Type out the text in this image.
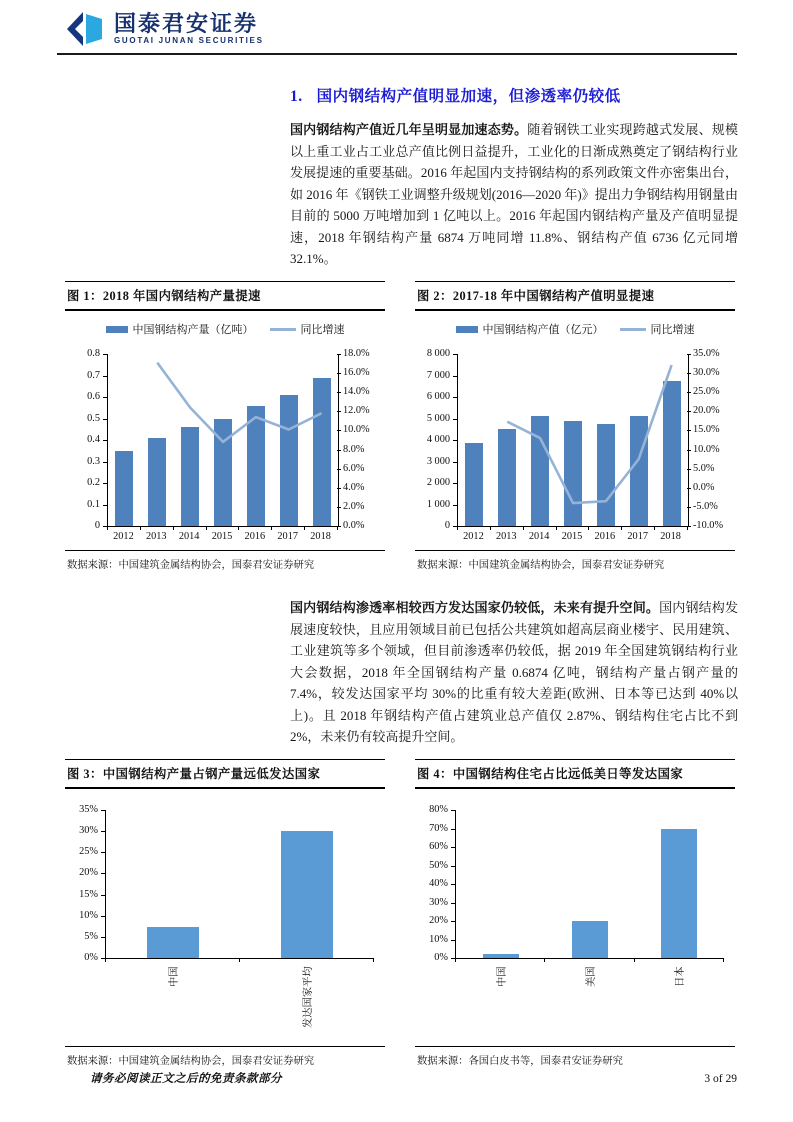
国泰君安证券
GUOTAI JUNAN SECURITIES
1. 国内钢结构产值明显加速，但渗透率仍较低

国内钢结构产值近几年呈明显加速态势。随着钢铁工业实现跨越式发展、规模以上重工业占工业总产值比例日益提升，工业化的日渐成熟奠定了钢结构行业发展提速的重要基础。2016 年起国内支持钢结构的系列政策文件亦密集出台，如 2016 年《钢铁工业调整升级规划(2016—2020 年)》提出力争钢结构用钢量由目前的 5000 万吨增加到 1 亿吨以上。2016 年起国内钢结构产量及产值明显提速，2018 年钢结构产量 6874 万吨同增 11.8%、钢结构产值 6736 亿元同增 32.1%。

国内钢结构渗透率相较西方发达国家仍较低，未来有提升空间。国内钢结构发展速度较快，且应用领域目前已包括公共建筑如超高层商业楼宇、民用建筑、工业建筑等多个领域，但目前渗透率仍较低，据 2019 年全国建筑钢结构行业大会数据，2018 年全国钢结构产量 0.6874 亿吨，钢结构产量占钢产量的 7.4%，较发达国家平均 30%的比重有较大差距(欧洲、日本等已达到 40%以上)。且 2018 年钢结构产值占建筑业总产值仅 2.87%、钢结构住宅占比不到 2%，未来仍有较高提升空间。

图 1：2018 年国内钢结构产量提速
中国钢结构产量（亿吨）	同比增速
0.8
0.7
0.6
0.5
0.4
0.3
0.2
0.1
0
18.0%
16.0%
14.0%
12.0%
10.0%
8.0%
6.0%
4.0%
2.0%
0.0%
2012	2013	2014	2015	2016	2017	2018
数据来源：中国建筑金属结构协会，国泰君安证券研究
图 2：2017-18 年中国钢结构产值明显提速
中国钢结构产值（亿元）	同比增速
8 000
7 000
6 000
5 000
4 000
3 000
2 000
1 000
0
35.0%
30.0%
25.0%
20.0%
15.0%
10.0%
5.0%
0.0%
-5.0%
-10.0%
2012	2013	2014	2015	2016	2017	2018
数据来源：中国建筑金属结构协会，国泰君安证券研究
图 3：中国钢结构产量占钢产量远低发达国家
35%
30%
25%
20%
15%
10%
5%
0%
中国	发达国家平均
数据来源：中国建筑金属结构协会，国泰君安证券研究
图 4：中国钢结构住宅占比远低美日等发达国家
80%
70%
60%
50%
40%
30%
20%
10%
0%
中国	美国	日本
数据来源：各国白皮书等，国泰君安证券研究
请务必阅读正文之后的免责条款部分	3 of 29
